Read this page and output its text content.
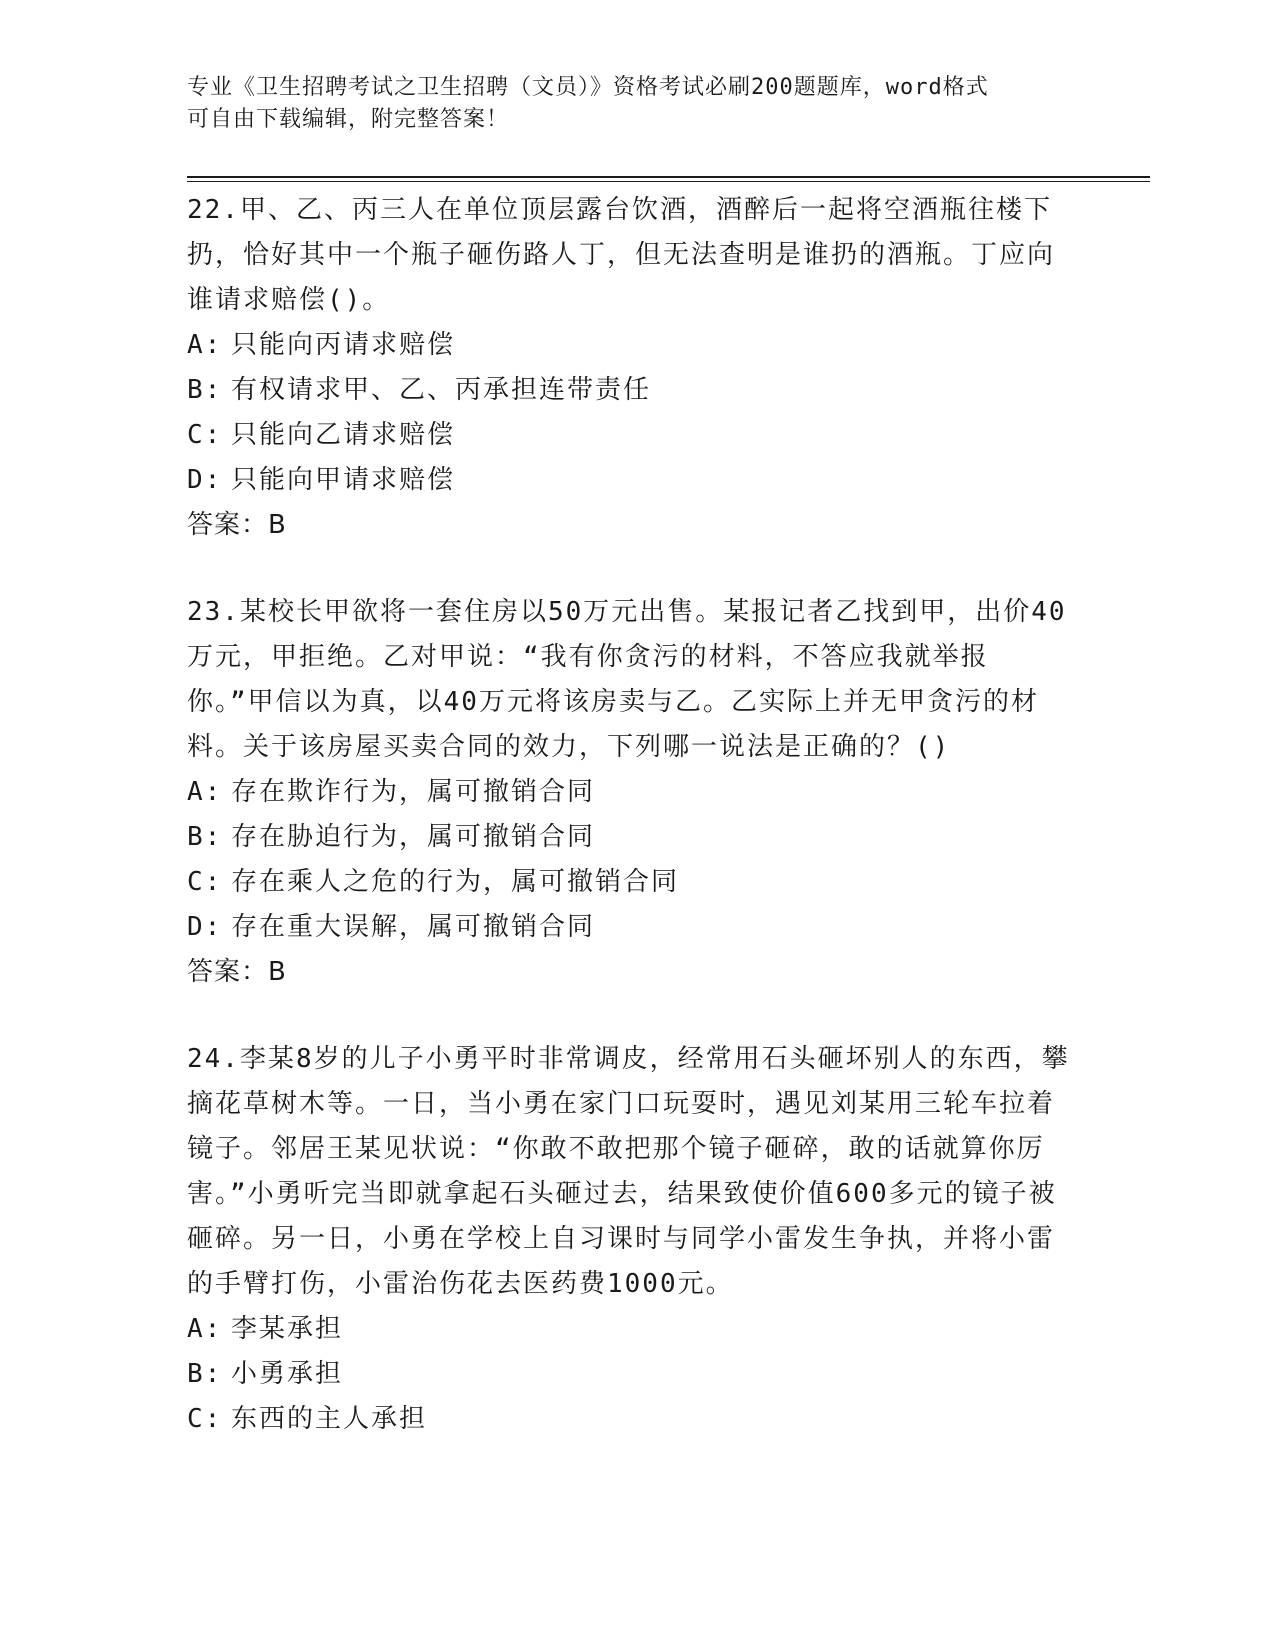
专业《卫生招聘考试之卫生招聘（文员）》资格考试必刷200题题库，word格式
可自由下载编辑，附完整答案！

22.甲、乙、丙三人在单位顶层露台饮酒，酒醉后一起将空酒瓶往楼下扔，恰好其中一个瓶子砸伤路人丁，但无法查明是谁扔的酒瓶。丁应向谁请求赔偿()。

A: 只能向丙请求赔偿
B: 有权请求甲、乙、丙承担连带责任
C: 只能向乙请求赔偿
D: 只能向甲请求赔偿

答案：B

23.某校长甲欲将一套住房以50万元出售。某报记者乙找到甲，出价40万元，甲拒绝。乙对甲说：“我有你贪污的材料，不答应我就举报你。”甲信以为真，以40万元将该房卖与乙。乙实际上并无甲贪污的材料。关于该房屋买卖合同的效力，下列哪一说法是正确的？()

A: 存在欺诈行为，属可撤销合同
B: 存在胁迫行为，属可撤销合同
C: 存在乘人之危的行为，属可撤销合同
D: 存在重大误解，属可撤销合同

答案：B

24.李某8岁的儿子小勇平时非常调皮，经常用石头砸坏别人的东西，攀摘花草树木等。一日，当小勇在家门口玩耍时，遇见刘某用三轮车拉着镜子。邻居王某见状说：“你敢不敢把那个镜子砸碎，敢的话就算你厉害。”小勇听完当即就拿起石头砸过去，结果致使价值600多元的镜子被砸碎。另一日，小勇在学校上自习课时与同学小雷发生争执，并将小雷的手臂打伤，小雷治伤花去医药费1000元。

A: 李某承担
B: 小勇承担
C: 东西的主人承担
